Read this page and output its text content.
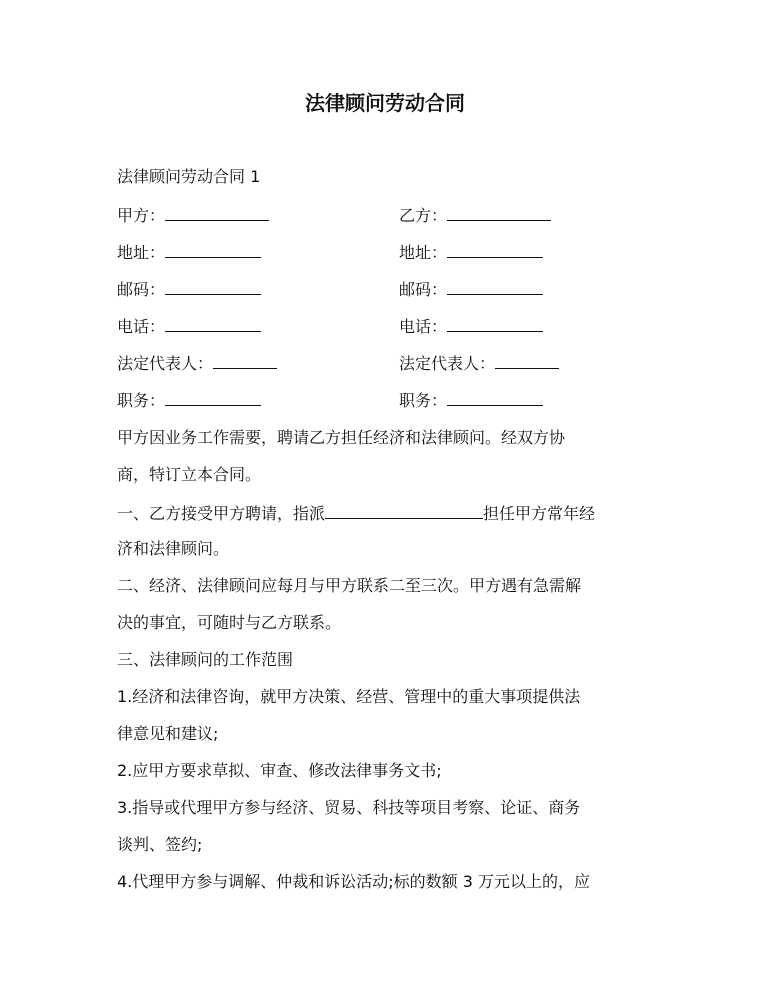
法律顾问劳动合同
法律顾问劳动合同 1
甲方：	乙方：
地址：	地址：
邮码：	邮码：
电话：	电话：
法定代表人：	法定代表人：
职务：	职务：
甲方因业务工作需要，聘请乙方担任经济和法律顾问。经双方协
商，特订立本合同。
一、乙方接受甲方聘请，指派	担任甲方常年经
济和法律顾问。
二、经济、法律顾问应每月与甲方联系二至三次。甲方遇有急需解
决的事宜，可随时与乙方联系。
三、法律顾问的工作范围
1.经济和法律咨询，就甲方决策、经营、管理中的重大事项提供法
律意见和建议;
2.应甲方要求草拟、审查、修改法律事务文书;
3.指导或代理甲方参与经济、贸易、科技等项目考察、论证、商务
谈判、签约;
4.代理甲方参与调解、仲裁和诉讼活动;标的数额 3 万元以上的，应
